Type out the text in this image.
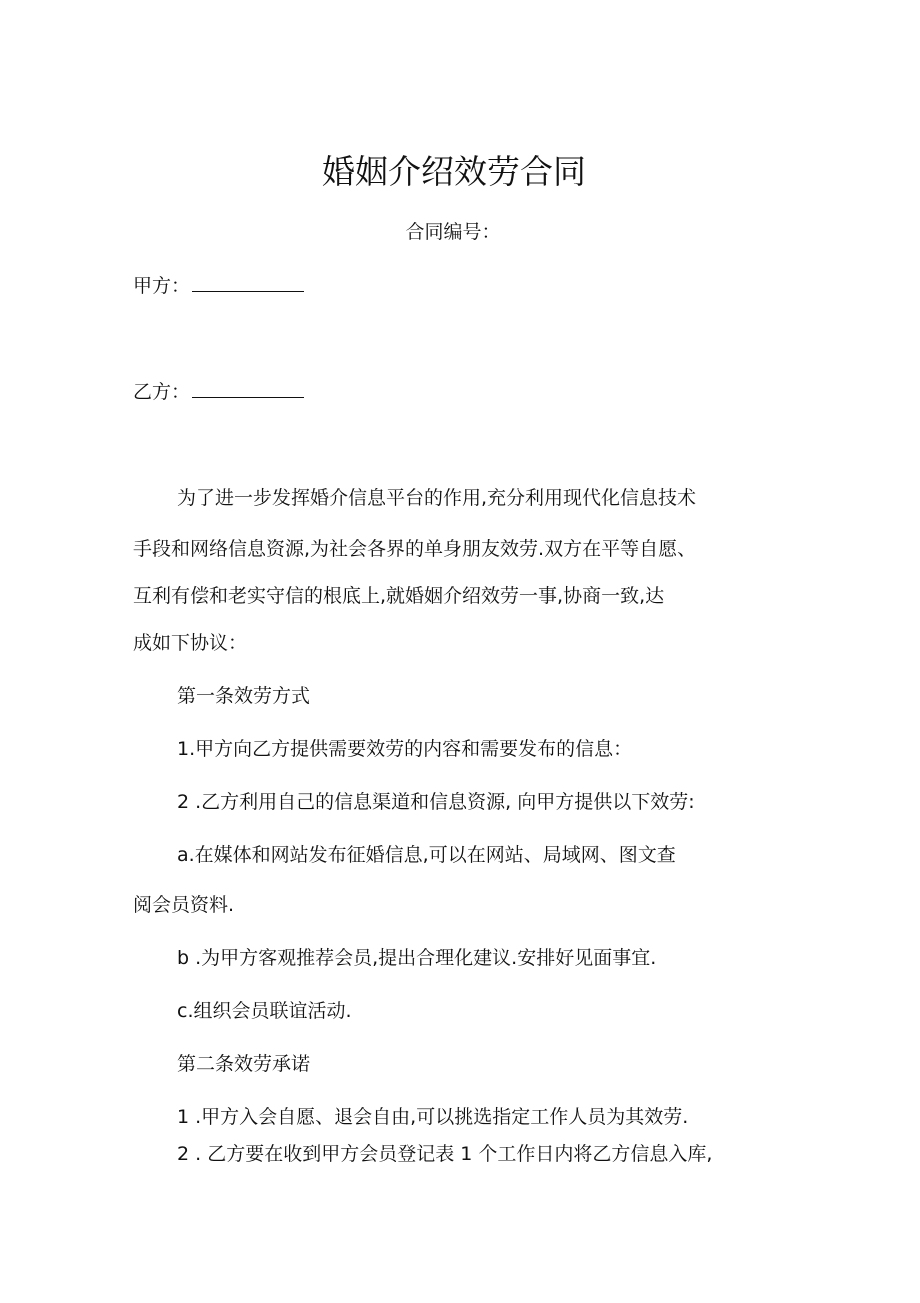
婚姻介绍效劳合同
合同编号：
甲方：
乙方：
为了进一步发挥婚介信息平台的作用,充分利用现代化信息技术
手段和网络信息资源,为社会各界的单身朋友效劳.双方在平等自愿、
互利有偿和老实守信的根底上,就婚姻介绍效劳一事,协商一致,达
成如下协议：
第一条效劳方式
1.甲方向乙方提供需要效劳的内容和需要发布的信息：
2 .乙方利用自己的信息渠道和信息资源, 向甲方提供以下效劳:
a.在媒体和网站发布征婚信息,可以在网站、局域网、图文查
阅会员资料.
b .为甲方客观推荐会员,提出合理化建议.安排好见面事宜.
c.组织会员联谊活动.
第二条效劳承诺
1 .甲方入会自愿、退会自由,可以挑选指定工作人员为其效劳.
2 . 乙方要在收到甲方会员登记表 1 个工作日内将乙方信息入库,
